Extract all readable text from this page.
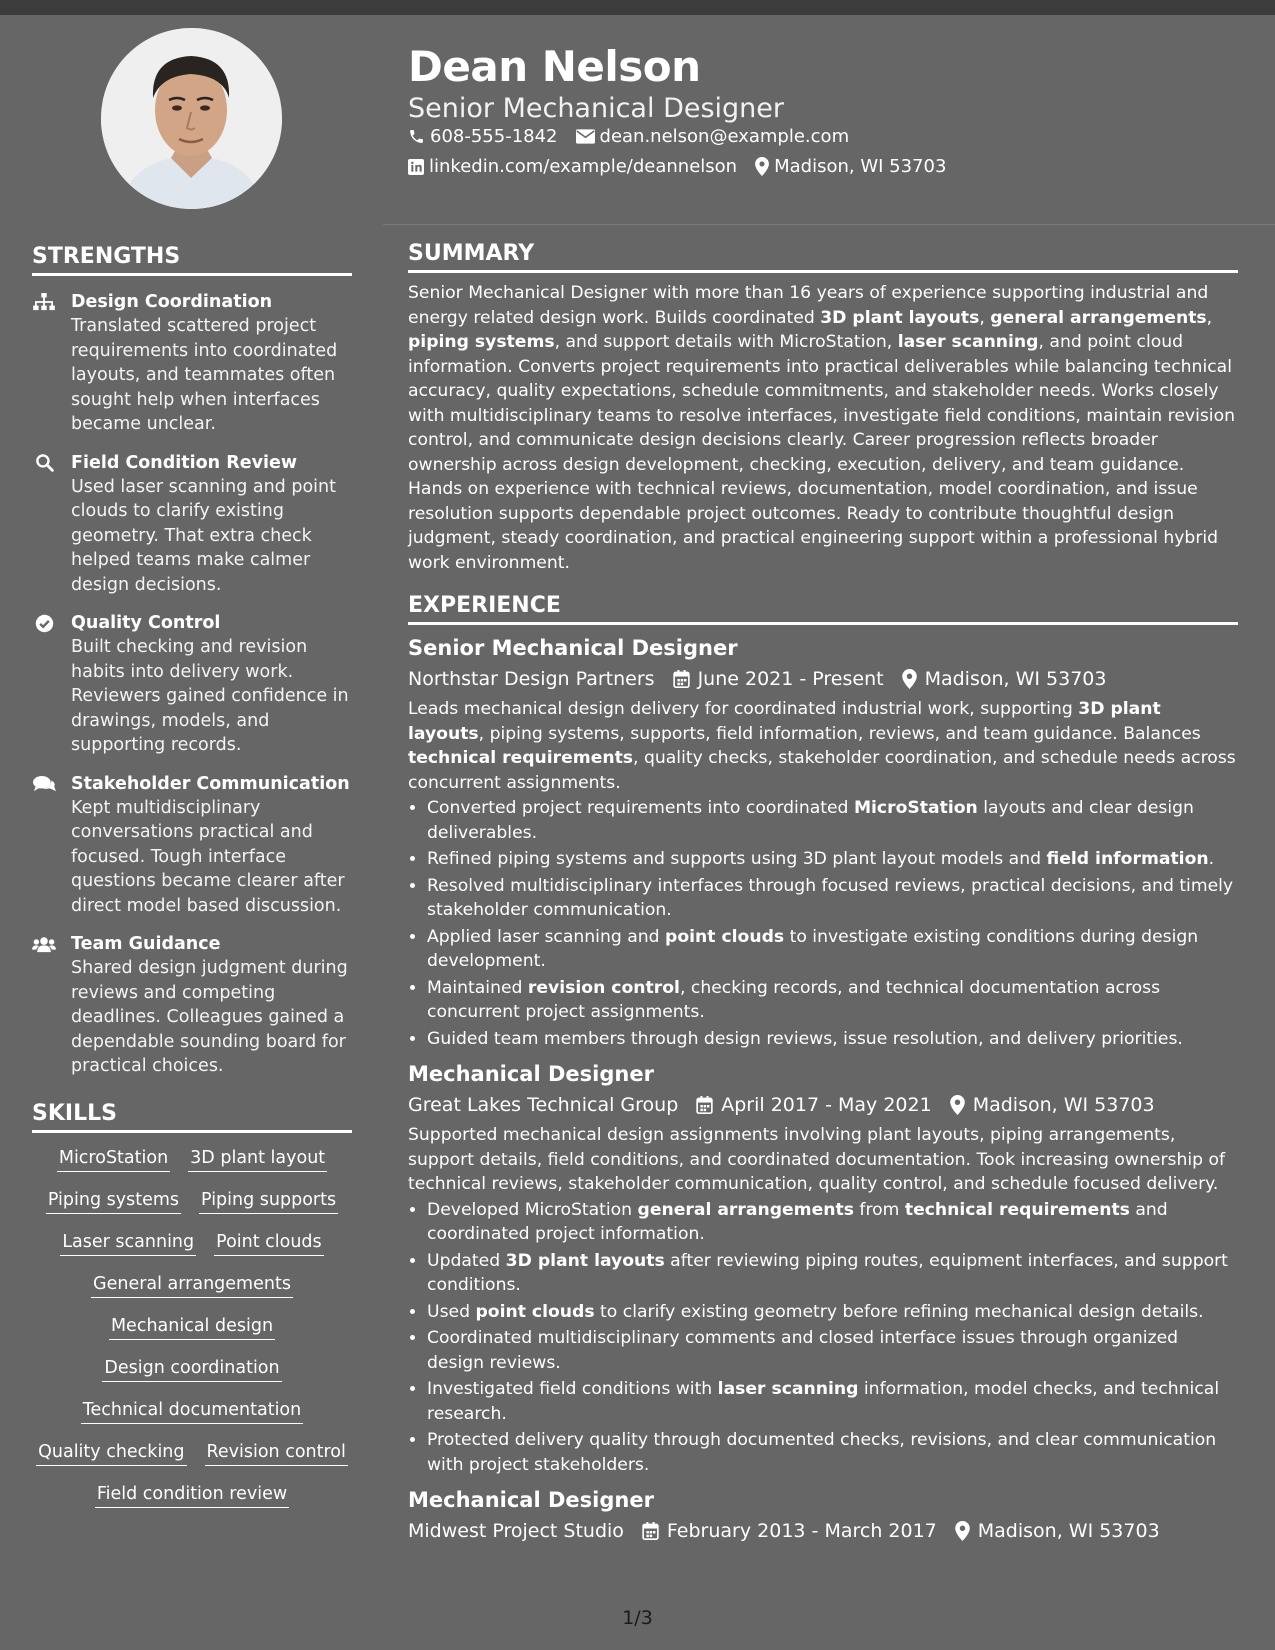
Dean Nelson
Senior Mechanical Designer
608-555-1842 dean.nelson@example.com
linkedin.com/example/deannelson Madison, WI 53703
STRENGTHS
Design Coordination
Translated scattered project requirements into coordinated layouts, and teammates often sought help when interfaces became unclear.
Field Condition Review
Used laser scanning and point clouds to clarify existing geometry. That extra check helped teams make calmer design decisions.
Quality Control
Built checking and revision habits into delivery work. Reviewers gained confidence in drawings, models, and supporting records.
Stakeholder Communication
Kept multidisciplinary conversations practical and focused. Tough interface questions became clearer after direct model based discussion.
Team Guidance
Shared design judgment during reviews and competing deadlines. Colleagues gained a dependable sounding board for practical choices.
SKILLS
MicroStation 3D plant layout
Piping systems Piping supports
Laser scanning Point clouds
General arrangements
Mechanical design
Design coordination
Technical documentation
Quality checking Revision control
Field condition review
SUMMARY
Senior Mechanical Designer with more than 16 years of experience supporting industrial and energy related design work. Builds coordinated 3D plant layouts, general arrangements, piping systems, and support details with MicroStation, laser scanning, and point cloud information. Converts project requirements into practical deliverables while balancing technical accuracy, quality expectations, schedule commitments, and stakeholder needs. Works closely with multidisciplinary teams to resolve interfaces, investigate field conditions, maintain revision control, and communicate design decisions clearly. Career progression reflects broader ownership across design development, checking, execution, delivery, and team guidance. Hands on experience with technical reviews, documentation, model coordination, and issue resolution supports dependable project outcomes. Ready to contribute thoughtful design judgment, steady coordination, and practical engineering support within a professional hybrid work environment.
EXPERIENCE
Senior Mechanical Designer
Northstar Design Partners June 2021 - Present Madison, WI 53703
Leads mechanical design delivery for coordinated industrial work, supporting 3D plant layouts, piping systems, supports, field information, reviews, and team guidance. Balances technical requirements, quality checks, stakeholder coordination, and schedule needs across concurrent assignments.
• Converted project requirements into coordinated MicroStation layouts and clear design deliverables.
• Refined piping systems and supports using 3D plant layout models and field information.
• Resolved multidisciplinary interfaces through focused reviews, practical decisions, and timely stakeholder communication.
• Applied laser scanning and point clouds to investigate existing conditions during design development.
• Maintained revision control, checking records, and technical documentation across concurrent project assignments.
• Guided team members through design reviews, issue resolution, and delivery priorities.
Mechanical Designer
Great Lakes Technical Group April 2017 - May 2021 Madison, WI 53703
Supported mechanical design assignments involving plant layouts, piping arrangements, support details, field conditions, and coordinated documentation. Took increasing ownership of technical reviews, stakeholder communication, quality control, and schedule focused delivery.
• Developed MicroStation general arrangements from technical requirements and coordinated project information.
• Updated 3D plant layouts after reviewing piping routes, equipment interfaces, and support conditions.
• Used point clouds to clarify existing geometry before refining mechanical design details.
• Coordinated multidisciplinary comments and closed interface issues through organized design reviews.
• Investigated field conditions with laser scanning information, model checks, and technical research.
• Protected delivery quality through documented checks, revisions, and clear communication with project stakeholders.
Mechanical Designer
Midwest Project Studio February 2013 - March 2017 Madison, WI 53703
1/3
